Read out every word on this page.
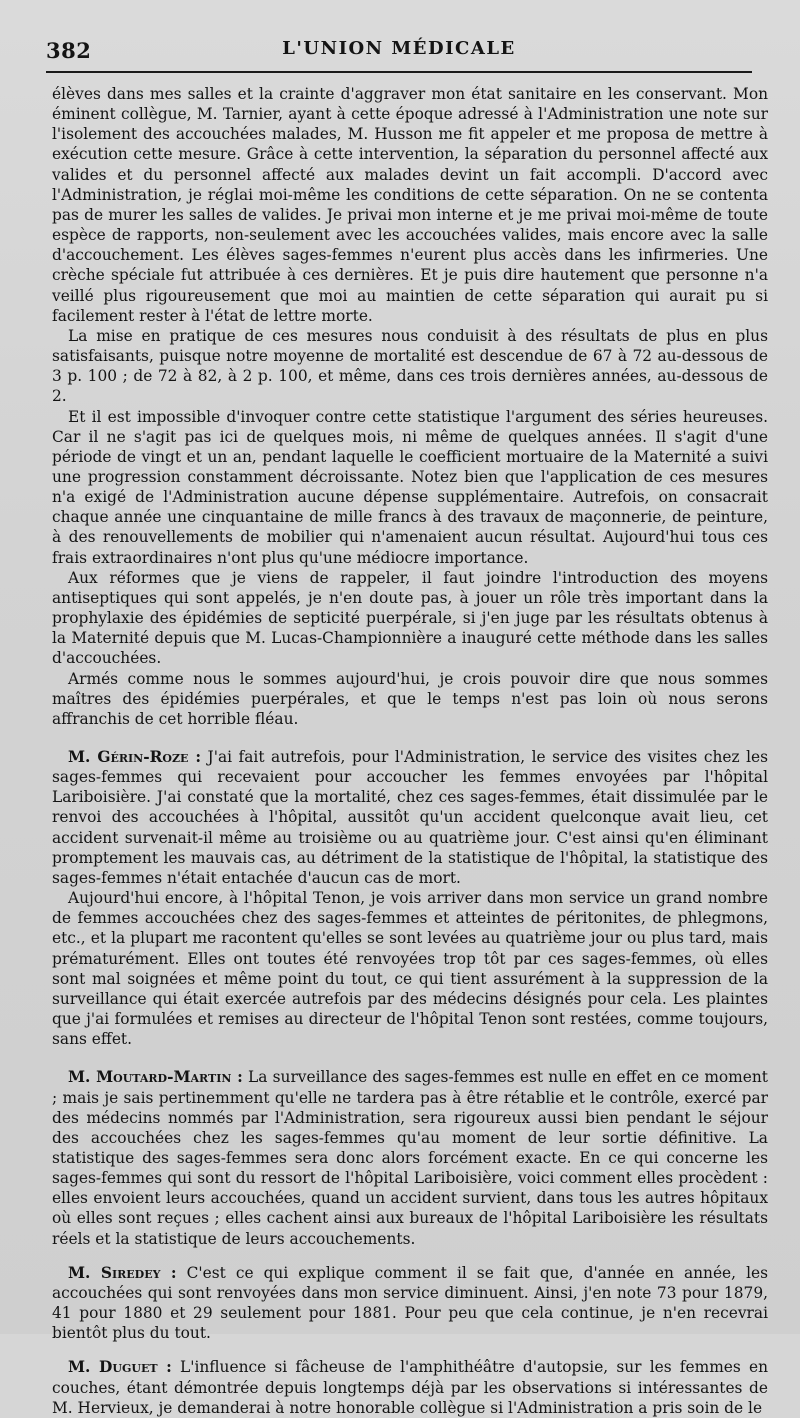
382	L'UNION MÉDICALE

élèves dans mes salles et la crainte d'aggraver mon état sanitaire en les conservant. Mon éminent collègue, M. Tarnier, ayant à cette époque adressé à l'Administration une note sur l'isolement des accouchées malades, M. Husson me fit appeler et me proposa de mettre à exécution cette mesure. Grâce à cette intervention, la séparation du personnel affecté aux valides et du personnel affecté aux malades devint un fait accompli. D'accord avec l'Administration, je réglai moi-même les conditions de cette séparation. On ne se contenta pas de murer les salles de valides. Je privai mon interne et je me privai moi-même de toute espèce de rapports, non-seulement avec les accouchées valides, mais encore avec la salle d'accouchement. Les élèves sages-femmes n'eurent plus accès dans les infirmeries. Une crèche spéciale fut attribuée à ces dernières. Et je puis dire hautement que personne n'a veillé plus rigoureusement que moi au maintien de cette séparation qui aurait pu si facilement rester à l'état de lettre morte.

La mise en pratique de ces mesures nous conduisit à des résultats de plus en plus satisfaisants, puisque notre moyenne de mortalité est descendue de 67 à 72 au-dessous de 3 p. 100 ; de 72 à 82, à 2 p. 100, et même, dans ces trois dernières années, au-dessous de 2.

Et il est impossible d'invoquer contre cette statistique l'argument des séries heureuses. Car il ne s'agit pas ici de quelques mois, ni même de quelques années. Il s'agit d'une période de vingt et un an, pendant laquelle le coefficient mortuaire de la Maternité a suivi une progression constamment décroissante. Notez bien que l'application de ces mesures n'a exigé de l'Administration aucune dépense supplémentaire. Autrefois, on consacrait chaque année une cinquantaine de mille francs à des travaux de maçonnerie, de peinture, à des renouvellements de mobilier qui n'amenaient aucun résultat. Aujourd'hui tous ces frais extraordinaires n'ont plus qu'une médiocre importance.

Aux réformes que je viens de rappeler, il faut joindre l'introduction des moyens antiseptiques qui sont appelés, je n'en doute pas, à jouer un rôle très important dans la prophylaxie des épidémies de septicité puerpérale, si j'en juge par les résultats obtenus à la Maternité depuis que M. Lucas-Championnière a inauguré cette méthode dans les salles d'accouchées.

Armés comme nous le sommes aujourd'hui, je crois pouvoir dire que nous sommes maîtres des épidémies puerpérales, et que le temps n'est pas loin où nous serons affranchis de cet horrible fléau.

M. Gérin-Roze : J'ai fait autrefois, pour l'Administration, le service des visites chez les sages-femmes qui recevaient pour accoucher les femmes envoyées par l'hôpital Lariboisière. J'ai constaté que la mortalité, chez ces sages-femmes, était dissimulée par le renvoi des accouchées à l'hôpital, aussitôt qu'un accident quelconque avait lieu, cet accident survenait-il même au troisième ou au quatrième jour. C'est ainsi qu'en éliminant promptement les mauvais cas, au détriment de la statistique de l'hôpital, la statistique des sages-femmes n'était entachée d'aucun cas de mort.

Aujourd'hui encore, à l'hôpital Tenon, je vois arriver dans mon service un grand nombre de femmes accouchées chez des sages-femmes et atteintes de péritonites, de phlegmons, etc., et la plupart me racontent qu'elles se sont levées au quatrième jour ou plus tard, mais prématurément. Elles ont toutes été renvoyées trop tôt par ces sages-femmes, où elles sont mal soignées et même point du tout, ce qui tient assurément à la suppression de la surveillance qui était exercée autrefois par des médecins désignés pour cela. Les plaintes que j'ai formulées et remises au directeur de l'hôpital Tenon sont restées, comme toujours, sans effet.

M. Moutard-Martin : La surveillance des sages-femmes est nulle en effet en ce moment ; mais je sais pertinemment qu'elle ne tardera pas à être rétablie et le contrôle, exercé par des médecins nommés par l'Administration, sera rigoureux aussi bien pendant le séjour des accouchées chez les sages-femmes qu'au moment de leur sortie définitive. La statistique des sages-femmes sera donc alors forcément exacte. En ce qui concerne les sages-femmes qui sont du ressort de l'hôpital Lariboisière, voici comment elles procèdent : elles envoient leurs accouchées, quand un accident survient, dans tous les autres hôpitaux où elles sont reçues ; elles cachent ainsi aux bureaux de l'hôpital Lariboisière les résultats réels et la statistique de leurs accouchements.

M. Siredey : C'est ce qui explique comment il se fait que, d'année en année, les accouchées qui sont renvoyées dans mon service diminuent. Ainsi, j'en note 73 pour 1879, 41 pour 1880 et 29 seulement pour 1881. Pour peu que cela continue, je n'en recevrai bientôt plus du tout.

M. Duguet : L'influence si fâcheuse de l'amphithéâtre d'autopsie, sur les femmes en couches, étant démontrée depuis longtemps déjà par les observations si intéressantes de M. Hervieux, je demanderai à notre honorable collègue si l'Administration a pris soin de le
